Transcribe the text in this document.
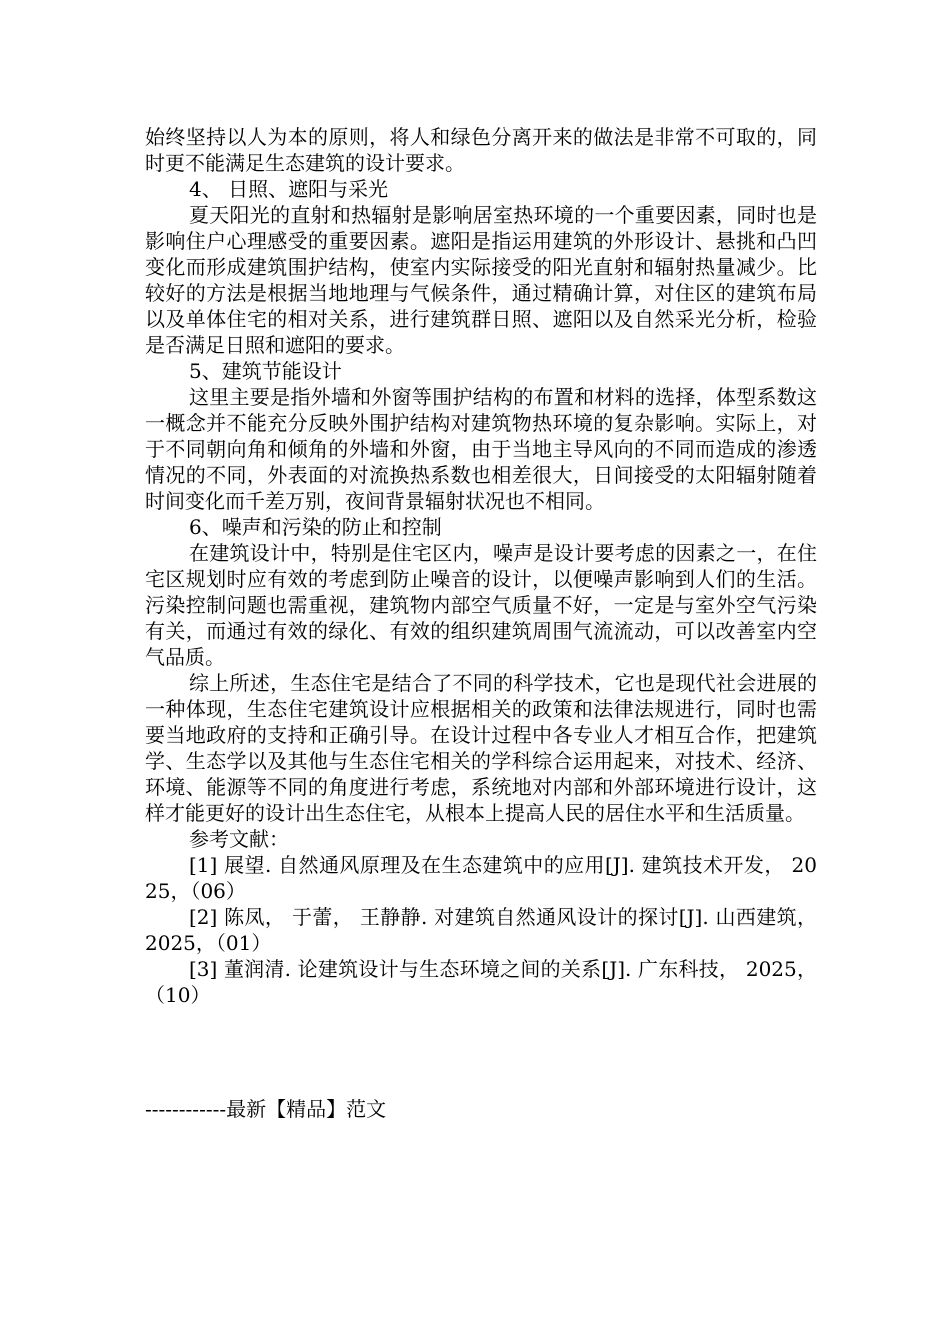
始终坚持以人为本的原则，将人和绿色分离开来的做法是非常不可取的，同时更不能满足生态建筑的设计要求。

4、 日照、遮阳与采光

夏天阳光的直射和热辐射是影响居室热环境的一个重要因素，同时也是影响住户心理感受的重要因素。遮阳是指运用建筑的外形设计、悬挑和凸凹变化而形成建筑围护结构，使室内实际接受的阳光直射和辐射热量减少。比较好的方法是根据当地地理与气候条件，通过精确计算，对住区的建筑布局以及单体住宅的相对关系，进行建筑群日照、遮阳以及自然采光分析，检验是否满足日照和遮阳的要求。

5、建筑节能设计

这里主要是指外墙和外窗等围护结构的布置和材料的选择，体型系数这一概念并不能充分反映外围护结构对建筑物热环境的复杂影响。实际上，对于不同朝向角和倾角的外墙和外窗，由于当地主导风向的不同而造成的渗透情况的不同，外表面的对流换热系数也相差很大，日间接受的太阳辐射随着时间变化而千差万别，夜间背景辐射状况也不相同。

6、噪声和污染的防止和控制

在建筑设计中，特别是住宅区内，噪声是设计要考虑的因素之一，在住宅区规划时应有效的考虑到防止噪音的设计，以便噪声影响到人们的生活。污染控制问题也需重视，建筑物内部空气质量不好，一定是与室外空气污染有关，而通过有效的绿化、有效的组织建筑周围气流流动，可以改善室内空气品质。

综上所述，生态住宅是结合了不同的科学技术，它也是现代社会进展的一种体现，生态住宅建筑设计应根据相关的政策和法律法规进行，同时也需要当地政府的支持和正确引导。在设计过程中各专业人才相互合作，把建筑学、生态学以及其他与生态住宅相关的学科综合运用起来，对技术、经济、环境、能源等不同的角度进行考虑，系统地对内部和外部环境进行设计，这样才能更好的设计出生态住宅，从根本上提高人民的居住水平和生活质量。

参考文献：

[1] 展望. 自然通风原理及在生态建筑中的应用[J]. 建筑技术开发， 2025，（06）

[2] 陈凤， 于蕾， 王静静. 对建筑自然通风设计的探讨[J]. 山西建筑， 2025，（01）

[3] 董润清. 论建筑设计与生态环境之间的关系[J]. 广东科技， 2025，（10）

------------最新【精品】范文
